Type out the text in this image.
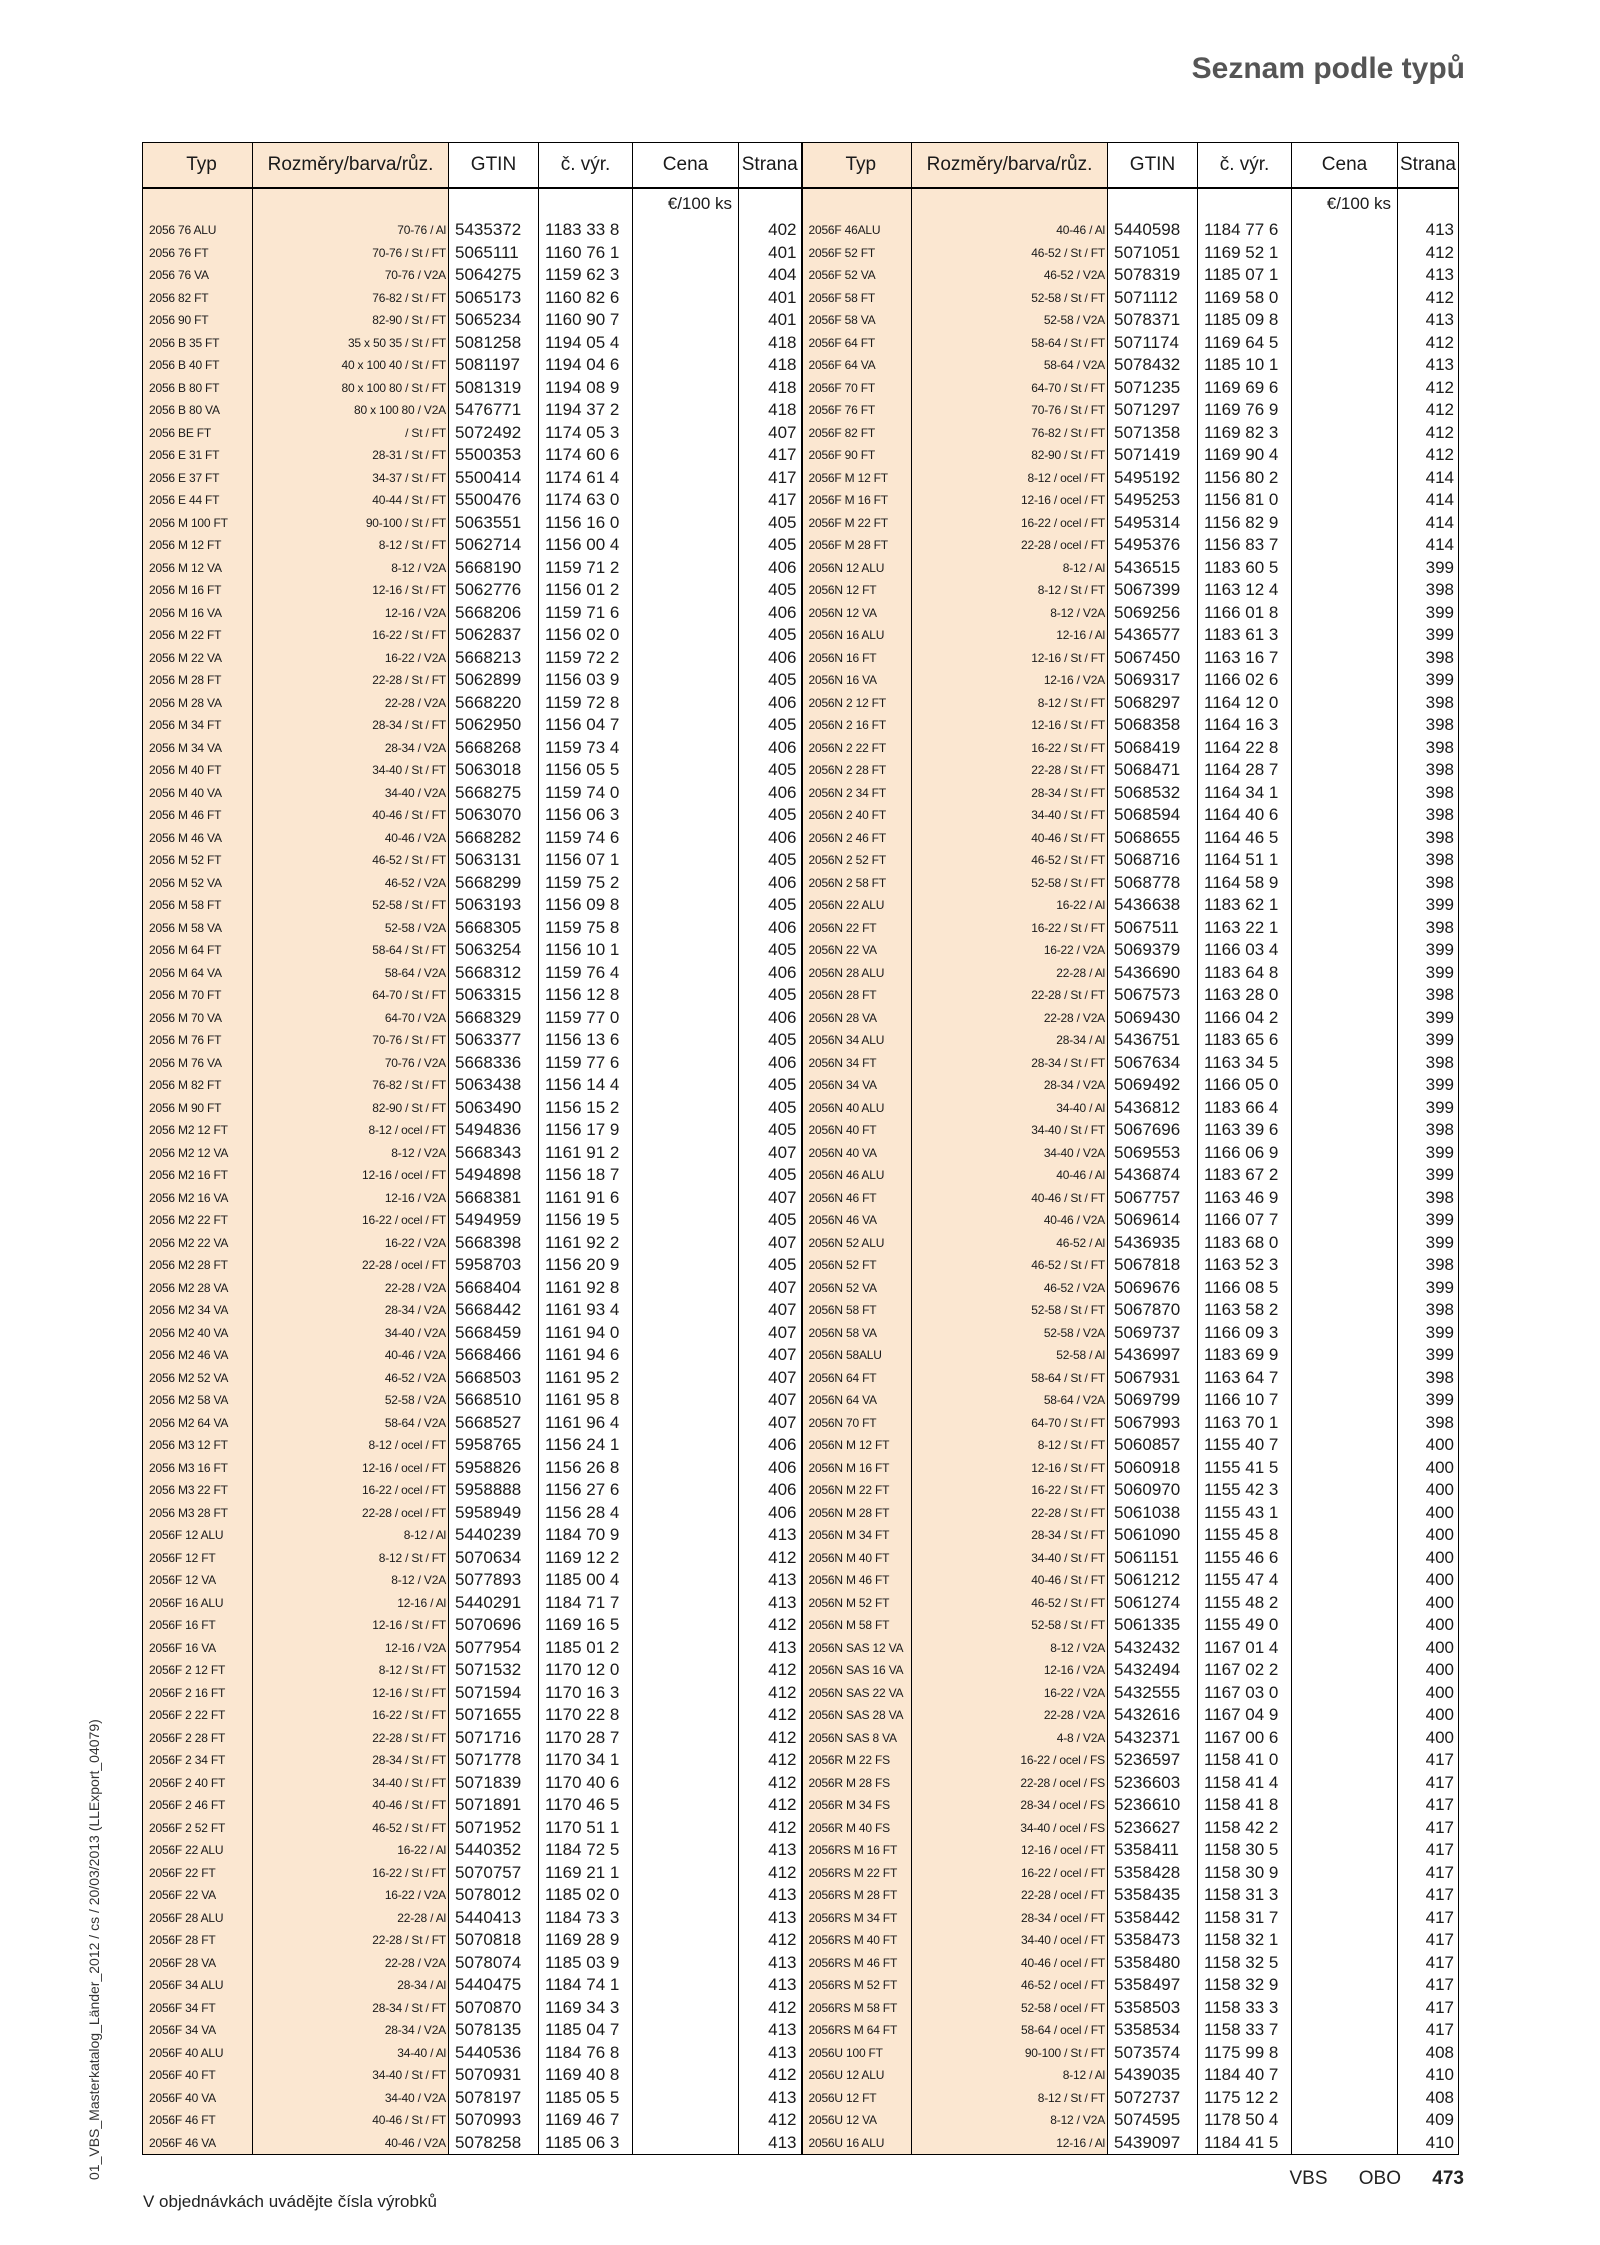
Seznam podle typů
Typ	Rozměry/barva/růz.	GTIN	č. výr.	Cena	Strana	Typ	Rozměry/barva/růz.	GTIN	č. výr.	Cena	Strana
				€/100 ks						€/100 ks	
2056 76 ALU	70-76 / Al	5435372	1183 33 8		402	2056F 46ALU	40-46 / Al	5440598	1184 77 6		413
2056 76 FT	70-76 / St / FT	5065111	1160 76 1		401	2056F 52 FT	46-52 / St / FT	5071051	1169 52 1		412
2056 76 VA	70-76 / V2A	5064275	1159 62 3		404	2056F 52 VA	46-52 / V2A	5078319	1185 07 1		413
2056 82 FT	76-82 / St / FT	5065173	1160 82 6		401	2056F 58 FT	52-58 / St / FT	5071112	1169 58 0		412
2056 90 FT	82-90 / St / FT	5065234	1160 90 7		401	2056F 58 VA	52-58 / V2A	5078371	1185 09 8		413
2056 B 35 FT	35 x 50 35 / St / FT	5081258	1194 05 4		418	2056F 64 FT	58-64 / St / FT	5071174	1169 64 5		412
2056 B 40 FT	40 x 100 40 / St / FT	5081197	1194 04 6		418	2056F 64 VA	58-64 / V2A	5078432	1185 10 1		413
2056 B 80 FT	80 x 100 80 / St / FT	5081319	1194 08 9		418	2056F 70 FT	64-70 / St / FT	5071235	1169 69 6		412
2056 B 80 VA	80 x 100 80 / V2A	5476771	1194 37 2		418	2056F 76 FT	70-76 / St / FT	5071297	1169 76 9		412
2056 BE FT	/ St / FT	5072492	1174 05 3		407	2056F 82 FT	76-82 / St / FT	5071358	1169 82 3		412
2056 E 31 FT	28-31 / St / FT	5500353	1174 60 6		417	2056F 90 FT	82-90 / St / FT	5071419	1169 90 4		412
2056 E 37 FT	34-37 / St / FT	5500414	1174 61 4		417	2056F M 12 FT	8-12 / ocel / FT	5495192	1156 80 2		414
2056 E 44 FT	40-44 / St / FT	5500476	1174 63 0		417	2056F M 16 FT	12-16 / ocel / FT	5495253	1156 81 0		414
2056 M 100 FT	90-100 / St / FT	5063551	1156 16 0		405	2056F M 22 FT	16-22 / ocel / FT	5495314	1156 82 9		414
2056 M 12 FT	8-12 / St / FT	5062714	1156 00 4		405	2056F M 28 FT	22-28 / ocel / FT	5495376	1156 83 7		414
2056 M 12 VA	8-12 / V2A	5668190	1159 71 2		406	2056N 12 ALU	8-12 / Al	5436515	1183 60 5		399
2056 M 16 FT	12-16 / St / FT	5062776	1156 01 2		405	2056N 12 FT	8-12 / St / FT	5067399	1163 12 4		398
2056 M 16 VA	12-16 / V2A	5668206	1159 71 6		406	2056N 12 VA	8-12 / V2A	5069256	1166 01 8		399
2056 M 22 FT	16-22 / St / FT	5062837	1156 02 0		405	2056N 16 ALU	12-16 / Al	5436577	1183 61 3		399
2056 M 22 VA	16-22 / V2A	5668213	1159 72 2		406	2056N 16 FT	12-16 / St / FT	5067450	1163 16 7		398
2056 M 28 FT	22-28 / St / FT	5062899	1156 03 9		405	2056N 16 VA	12-16 / V2A	5069317	1166 02 6		399
2056 M 28 VA	22-28 / V2A	5668220	1159 72 8		406	2056N 2 12 FT	8-12 / St / FT	5068297	1164 12 0		398
2056 M 34 FT	28-34 / St / FT	5062950	1156 04 7		405	2056N 2 16 FT	12-16 / St / FT	5068358	1164 16 3		398
2056 M 34 VA	28-34 / V2A	5668268	1159 73 4		406	2056N 2 22 FT	16-22 / St / FT	5068419	1164 22 8		398
2056 M 40 FT	34-40 / St / FT	5063018	1156 05 5		405	2056N 2 28 FT	22-28 / St / FT	5068471	1164 28 7		398
2056 M 40 VA	34-40 / V2A	5668275	1159 74 0		406	2056N 2 34 FT	28-34 / St / FT	5068532	1164 34 1		398
2056 M 46 FT	40-46 / St / FT	5063070	1156 06 3		405	2056N 2 40 FT	34-40 / St / FT	5068594	1164 40 6		398
2056 M 46 VA	40-46 / V2A	5668282	1159 74 6		406	2056N 2 46 FT	40-46 / St / FT	5068655	1164 46 5		398
2056 M 52 FT	46-52 / St / FT	5063131	1156 07 1		405	2056N 2 52 FT	46-52 / St / FT	5068716	1164 51 1		398
2056 M 52 VA	46-52 / V2A	5668299	1159 75 2		406	2056N 2 58 FT	52-58 / St / FT	5068778	1164 58 9		398
2056 M 58 FT	52-58 / St / FT	5063193	1156 09 8		405	2056N 22 ALU	16-22 / Al	5436638	1183 62 1		399
2056 M 58 VA	52-58 / V2A	5668305	1159 75 8		406	2056N 22 FT	16-22 / St / FT	5067511	1163 22 1		398
2056 M 64 FT	58-64 / St / FT	5063254	1156 10 1		405	2056N 22 VA	16-22 / V2A	5069379	1166 03 4		399
2056 M 64 VA	58-64 / V2A	5668312	1159 76 4		406	2056N 28 ALU	22-28 / Al	5436690	1183 64 8		399
2056 M 70 FT	64-70 / St / FT	5063315	1156 12 8		405	2056N 28 FT	22-28 / St / FT	5067573	1163 28 0		398
2056 M 70 VA	64-70 / V2A	5668329	1159 77 0		406	2056N 28 VA	22-28 / V2A	5069430	1166 04 2		399
2056 M 76 FT	70-76 / St / FT	5063377	1156 13 6		405	2056N 34 ALU	28-34 / Al	5436751	1183 65 6		399
2056 M 76 VA	70-76 / V2A	5668336	1159 77 6		406	2056N 34 FT	28-34 / St / FT	5067634	1163 34 5		398
2056 M 82 FT	76-82 / St / FT	5063438	1156 14 4		405	2056N 34 VA	28-34 / V2A	5069492	1166 05 0		399
2056 M 90 FT	82-90 / St / FT	5063490	1156 15 2		405	2056N 40 ALU	34-40 / Al	5436812	1183 66 4		399
2056 M2 12 FT	8-12 / ocel / FT	5494836	1156 17 9		405	2056N 40 FT	34-40 / St / FT	5067696	1163 39 6		398
2056 M2 12 VA	8-12 / V2A	5668343	1161 91 2		407	2056N 40 VA	34-40 / V2A	5069553	1166 06 9		399
2056 M2 16 FT	12-16 / ocel / FT	5494898	1156 18 7		405	2056N 46 ALU	40-46 / Al	5436874	1183 67 2		399
2056 M2 16 VA	12-16 / V2A	5668381	1161 91 6		407	2056N 46 FT	40-46 / St / FT	5067757	1163 46 9		398
2056 M2 22 FT	16-22 / ocel / FT	5494959	1156 19 5		405	2056N 46 VA	40-46 / V2A	5069614	1166 07 7		399
2056 M2 22 VA	16-22 / V2A	5668398	1161 92 2		407	2056N 52 ALU	46-52 / Al	5436935	1183 68 0		399
2056 M2 28 FT	22-28 / ocel / FT	5958703	1156 20 9		405	2056N 52 FT	46-52 / St / FT	5067818	1163 52 3		398
2056 M2 28 VA	22-28 / V2A	5668404	1161 92 8		407	2056N 52 VA	46-52 / V2A	5069676	1166 08 5		399
2056 M2 34 VA	28-34 / V2A	5668442	1161 93 4		407	2056N 58 FT	52-58 / St / FT	5067870	1163 58 2		398
2056 M2 40 VA	34-40 / V2A	5668459	1161 94 0		407	2056N 58 VA	52-58 / V2A	5069737	1166 09 3		399
2056 M2 46 VA	40-46 / V2A	5668466	1161 94 6		407	2056N 58ALU	52-58 / Al	5436997	1183 69 9		399
2056 M2 52 VA	46-52 / V2A	5668503	1161 95 2		407	2056N 64 FT	58-64 / St / FT	5067931	1163 64 7		398
2056 M2 58 VA	52-58 / V2A	5668510	1161 95 8		407	2056N 64 VA	58-64 / V2A	5069799	1166 10 7		399
2056 M2 64 VA	58-64 / V2A	5668527	1161 96 4		407	2056N 70 FT	64-70 / St / FT	5067993	1163 70 1		398
2056 M3 12 FT	8-12 / ocel / FT	5958765	1156 24 1		406	2056N M 12 FT	8-12 / St / FT	5060857	1155 40 7		400
2056 M3 16 FT	12-16 / ocel / FT	5958826	1156 26 8		406	2056N M 16 FT	12-16 / St / FT	5060918	1155 41 5		400
2056 M3 22 FT	16-22 / ocel / FT	5958888	1156 27 6		406	2056N M 22 FT	16-22 / St / FT	5060970	1155 42 3		400
2056 M3 28 FT	22-28 / ocel / FT	5958949	1156 28 4		406	2056N M 28 FT	22-28 / St / FT	5061038	1155 43 1		400
2056F 12 ALU	8-12 / Al	5440239	1184 70 9		413	2056N M 34 FT	28-34 / St / FT	5061090	1155 45 8		400
2056F 12 FT	8-12 / St / FT	5070634	1169 12 2		412	2056N M 40 FT	34-40 / St / FT	5061151	1155 46 6		400
2056F 12 VA	8-12 / V2A	5077893	1185 00 4		413	2056N M 46 FT	40-46 / St / FT	5061212	1155 47 4		400
2056F 16 ALU	12-16 / Al	5440291	1184 71 7		413	2056N M 52 FT	46-52 / St / FT	5061274	1155 48 2		400
2056F 16 FT	12-16 / St / FT	5070696	1169 16 5		412	2056N M 58 FT	52-58 / St / FT	5061335	1155 49 0		400
2056F 16 VA	12-16 / V2A	5077954	1185 01 2		413	2056N SAS 12 VA	8-12 / V2A	5432432	1167 01 4		400
2056F 2 12 FT	8-12 / St / FT	5071532	1170 12 0		412	2056N SAS 16 VA	12-16 / V2A	5432494	1167 02 2		400
2056F 2 16 FT	12-16 / St / FT	5071594	1170 16 3		412	2056N SAS 22 VA	16-22 / V2A	5432555	1167 03 0		400
2056F 2 22 FT	16-22 / St / FT	5071655	1170 22 8		412	2056N SAS 28 VA	22-28 / V2A	5432616	1167 04 9		400
2056F 2 28 FT	22-28 / St / FT	5071716	1170 28 7		412	2056N SAS 8 VA	4-8 / V2A	5432371	1167 00 6		400
2056F 2 34 FT	28-34 / St / FT	5071778	1170 34 1		412	2056R M 22 FS	16-22 / ocel / FS	5236597	1158 41 0		417
2056F 2 40 FT	34-40 / St / FT	5071839	1170 40 6		412	2056R M 28 FS	22-28 / ocel / FS	5236603	1158 41 4		417
2056F 2 46 FT	40-46 / St / FT	5071891	1170 46 5		412	2056R M 34 FS	28-34 / ocel / FS	5236610	1158 41 8		417
2056F 2 52 FT	46-52 / St / FT	5071952	1170 51 1		412	2056R M 40 FS	34-40 / ocel / FS	5236627	1158 42 2		417
2056F 22 ALU	16-22 / Al	5440352	1184 72 5		413	2056RS M 16 FT	12-16 / ocel / FT	5358411	1158 30 5		417
2056F 22 FT	16-22 / St / FT	5070757	1169 21 1		412	2056RS M 22 FT	16-22 / ocel / FT	5358428	1158 30 9		417
2056F 22 VA	16-22 / V2A	5078012	1185 02 0		413	2056RS M 28 FT	22-28 / ocel / FT	5358435	1158 31 3		417
2056F 28 ALU	22-28 / Al	5440413	1184 73 3		413	2056RS M 34 FT	28-34 / ocel / FT	5358442	1158 31 7		417
2056F 28 FT	22-28 / St / FT	5070818	1169 28 9		412	2056RS M 40 FT	34-40 / ocel / FT	5358473	1158 32 1		417
2056F 28 VA	22-28 / V2A	5078074	1185 03 9		413	2056RS M 46 FT	40-46 / ocel / FT	5358480	1158 32 5		417
2056F 34 ALU	28-34 / Al	5440475	1184 74 1		413	2056RS M 52 FT	46-52 / ocel / FT	5358497	1158 32 9		417
2056F 34 FT	28-34 / St / FT	5070870	1169 34 3		412	2056RS M 58 FT	52-58 / ocel / FT	5358503	1158 33 3		417
2056F 34 VA	28-34 / V2A	5078135	1185 04 7		413	2056RS M 64 FT	58-64 / ocel / FT	5358534	1158 33 7		417
2056F 40 ALU	34-40 / Al	5440536	1184 76 8		413	2056U 100 FT	90-100 / St / FT	5073574	1175 99 8		408
2056F 40 FT	34-40 / St / FT	5070931	1169 40 8		412	2056U 12 ALU	8-12 / Al	5439035	1184 40 7		410
2056F 40 VA	34-40 / V2A	5078197	1185 05 5		413	2056U 12 FT	8-12 / St / FT	5072737	1175 12 2		408
2056F 46 FT	40-46 / St / FT	5070993	1169 46 7		412	2056U 12 VA	8-12 / V2A	5074595	1178 50 4		409
2056F 46 VA	40-46 / V2A	5078258	1185 06 3		413	2056U 16 ALU	12-16 / Al	5439097	1184 41 5		410
01_VBS_Masterkatalog_Länder_2012 / cs / 20/03/2013 (LLExport_04079)
V objednávkách uvádějte čísla výrobků
VBS OBO 473
